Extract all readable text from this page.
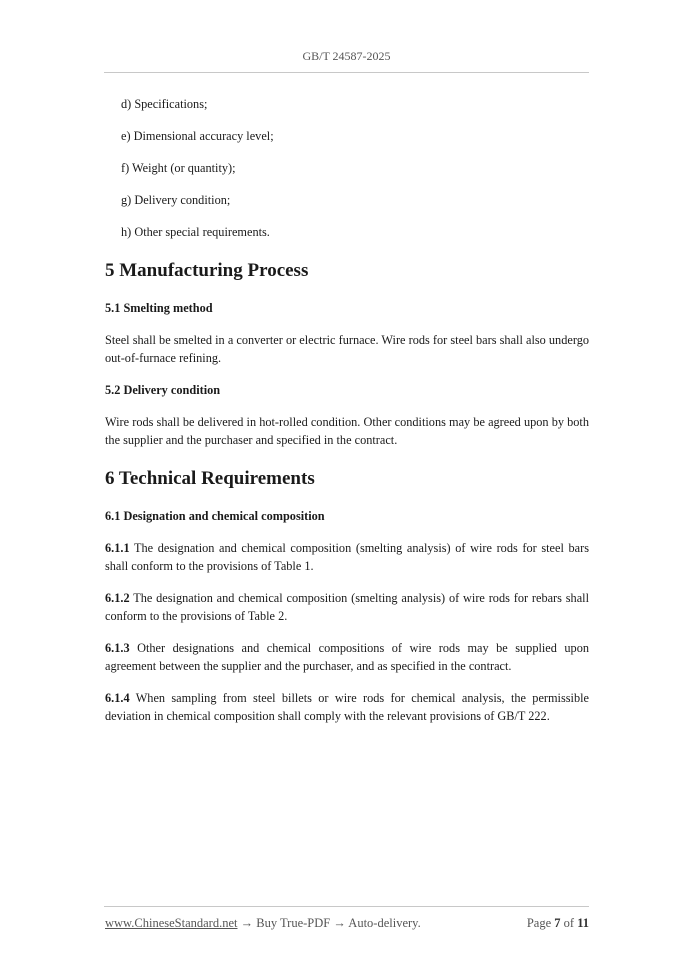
GB/T 24587-2025
d) Specifications;
e) Dimensional accuracy level;
f) Weight (or quantity);
g) Delivery condition;
h) Other special requirements.
5 Manufacturing Process
5.1 Smelting method
Steel shall be smelted in a converter or electric furnace. Wire rods for steel bars shall also undergo out-of-furnace refining.
5.2 Delivery condition
Wire rods shall be delivered in hot-rolled condition. Other conditions may be agreed upon by both the supplier and the purchaser and specified in the contract.
6 Technical Requirements
6.1 Designation and chemical composition
6.1.1 The designation and chemical composition (smelting analysis) of wire rods for steel bars shall conform to the provisions of Table 1.
6.1.2 The designation and chemical composition (smelting analysis) of wire rods for rebars shall conform to the provisions of Table 2.
6.1.3 Other designations and chemical compositions of wire rods may be supplied upon agreement between the supplier and the purchaser, and as specified in the contract.
6.1.4 When sampling from steel billets or wire rods for chemical analysis, the permissible deviation in chemical composition shall comply with the relevant provisions of GB/T 222.
www.ChineseStandard.net → Buy True-PDF → Auto-delivery.	Page 7 of 11
